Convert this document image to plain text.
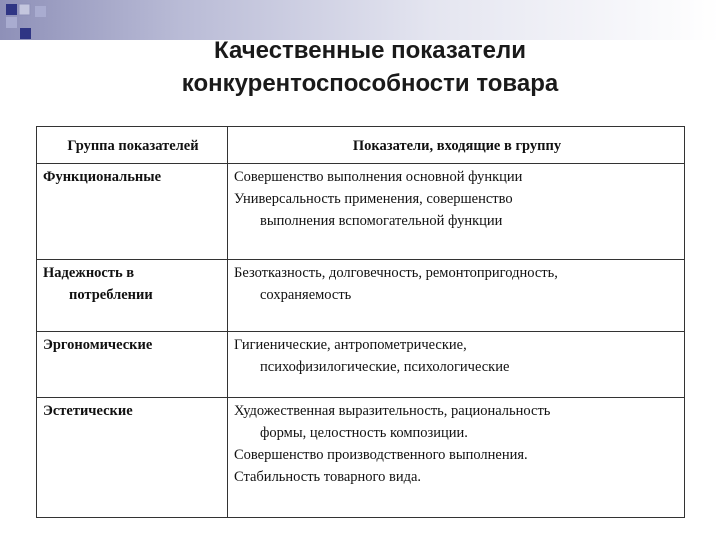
Качественные показатели
конкурентоспособности товара
Группа показателей	Показатели, входящие в группу

Функциональные	Совершенство выполнения основной функции
Универсальность применения, совершенство
выполнения вспомогательной функции

Надежность в
потреблении	Безотказность, долговечность, ремонтопригодность,
сохраняемость

Эргономические	Гигиенические, антропометрические,
психофизилогические, психологические

Эстетические	Художественная выразительность, рациональность
формы, целостность композиции.
Совершенство производственного выполнения.
Стабильность товарного вида.
